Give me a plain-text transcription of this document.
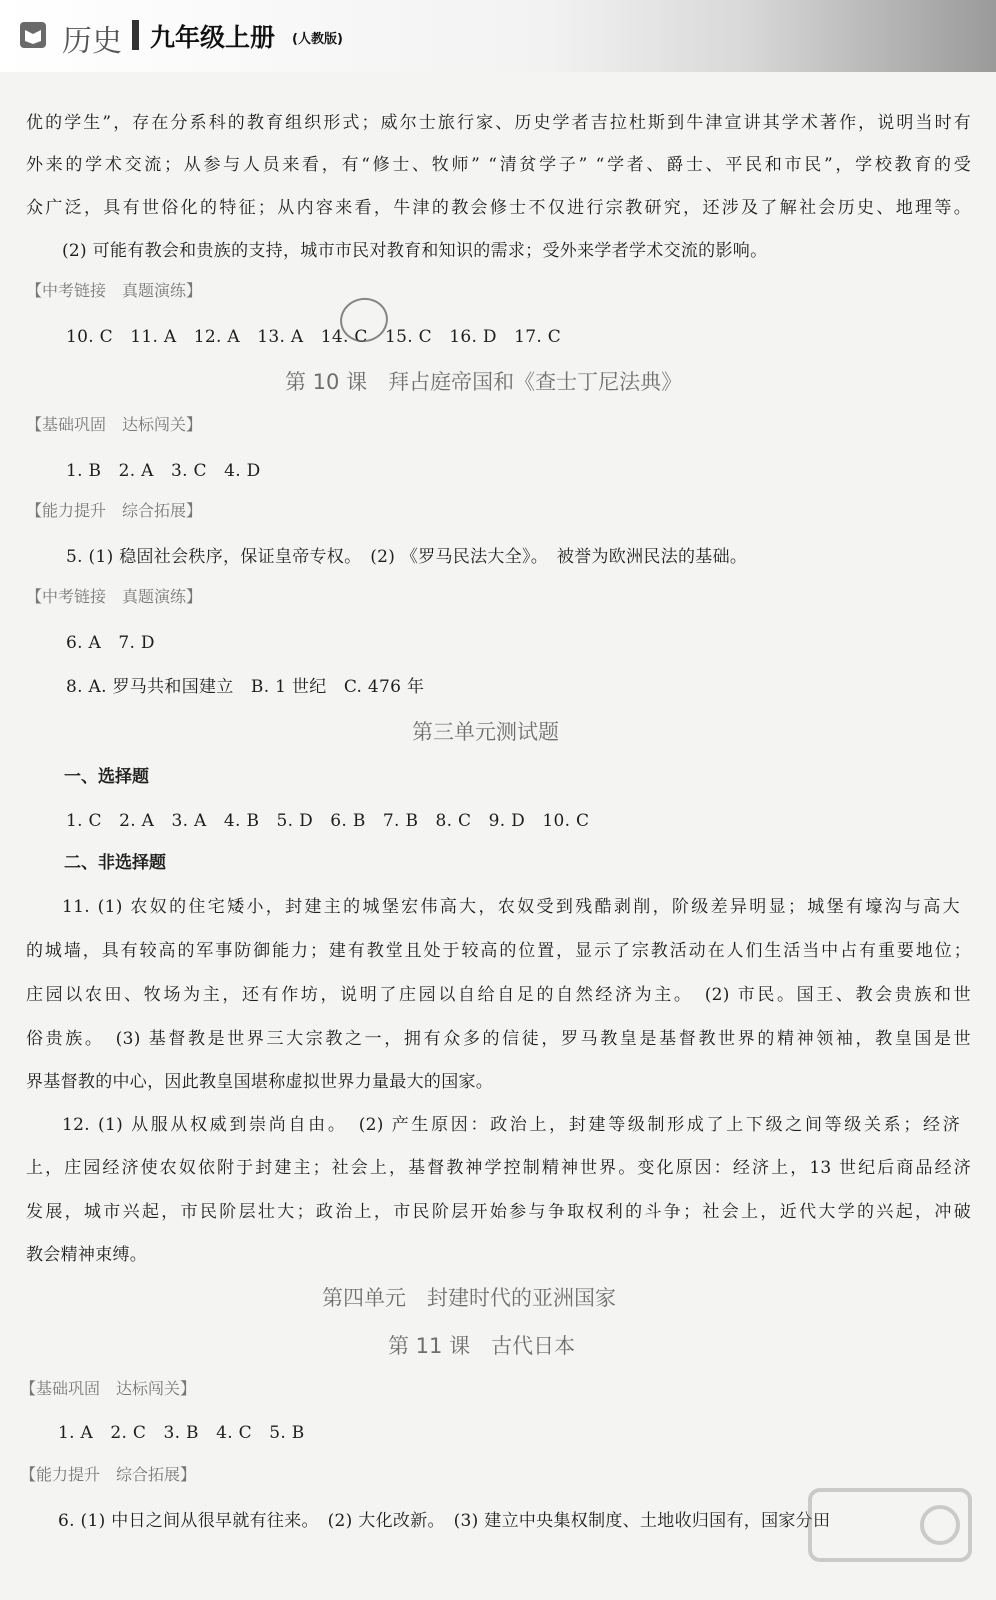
历史 九年级上册 (人教版)
优的学生”，存在分系科的教育组织形式；威尔士旅行家、历史学者吉拉杜斯到牛津宣讲其学术著作，说明当时有
外来的学术交流；从参与人员来看，有“修士、牧师” “清贫学子” “学者、爵士、平民和市民”，学校教育的受
众广泛，具有世俗化的特征；从内容来看，牛津的教会修士不仅进行宗教研究，还涉及了解社会历史、地理等。
(2) 可能有教会和贵族的支持，城市市民对教育和知识的需求；受外来学者学术交流的影响。
【中考链接　真题演练】
10. C　11. A　12. A　13. A　14. C　15. C　16. D　17. C
第 10 课　拜占庭帝国和《查士丁尼法典》
【基础巩固　达标闯关】
1. B　2. A　3. C　4. D
【能力提升　综合拓展】
5. (1) 稳固社会秩序，保证皇帝专权。　(2) 《罗马民法大全》。　被誉为欧洲民法的基础。
【中考链接　真题演练】
6. A　7. D
8. A. 罗马共和国建立　B. 1 世纪　C. 476 年
第三单元测试题
一、选择题
1. C　2. A　3. A　4. B　5. D　6. B　7. B　8. C　9. D　10. C
二、非选择题
11. (1) 农奴的住宅矮小，封建主的城堡宏伟高大，农奴受到残酷剥削，阶级差异明显；城堡有壕沟与高大
的城墙，具有较高的军事防御能力；建有教堂且处于较高的位置，显示了宗教活动在人们生活当中占有重要地位；
庄园以农田、牧场为主，还有作坊，说明了庄园以自给自足的自然经济为主。　(2) 市民。国王、教会贵族和世
俗贵族。　(3) 基督教是世界三大宗教之一，拥有众多的信徒，罗马教皇是基督教世界的精神领袖，教皇国是世
界基督教的中心，因此教皇国堪称虚拟世界力量最大的国家。
12. (1) 从服从权威到崇尚自由。　(2) 产生原因：政治上，封建等级制形成了上下级之间等级关系；经济
上，庄园经济使农奴依附于封建主；社会上，基督教神学控制精神世界。变化原因：经济上，13 世纪后商品经济
发展，城市兴起，市民阶层壮大；政治上，市民阶层开始参与争取权利的斗争；社会上，近代大学的兴起，冲破
教会精神束缚。
第四单元　封建时代的亚洲国家
第 11 课　古代日本
【基础巩固　达标闯关】
1. A　2. C　3. B　4. C　5. B
【能力提升　综合拓展】
6. (1) 中日之间从很早就有往来。　(2) 大化改新。　(3) 建立中央集权制度、土地收归国有，国家分田
